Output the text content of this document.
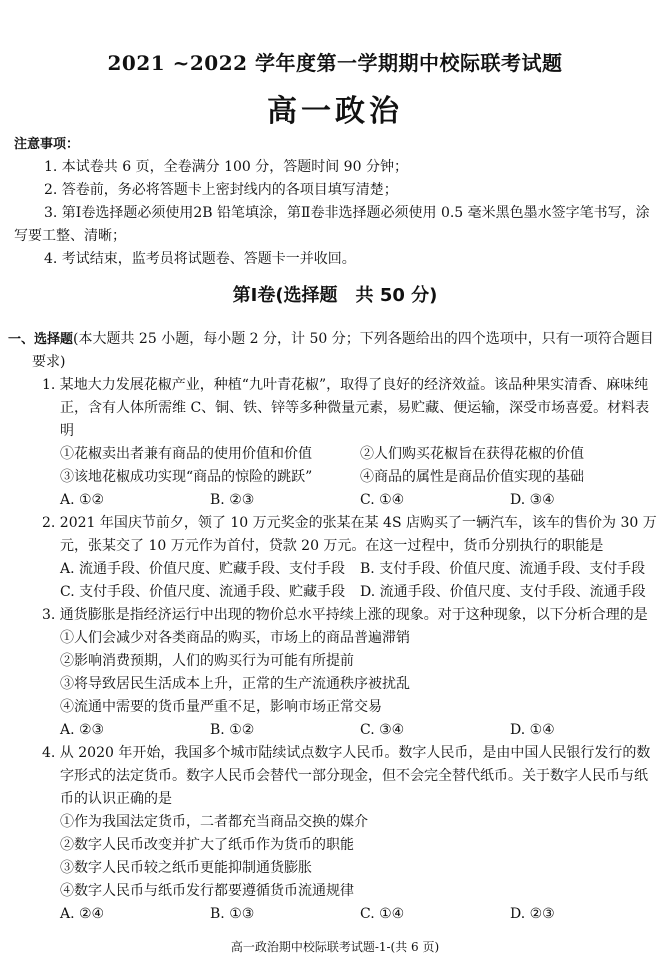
2021 ~2022 学年度第一学期期中校际联考试题
高一政治
注意事项：
1. 本试卷共 6 页，全卷满分 100 分，答题时间 90 分钟；
2. 答卷前，务必将答题卡上密封线内的各项目填写清楚；
3. 第Ⅰ卷选择题必须使用2B 铅笔填涂，第Ⅱ卷非选择题必须使用 0.5 毫米黑色墨水签字笔书写，涂写要工整、清晰；
4. 考试结束，监考员将试题卷、答题卡一并收回。
第Ⅰ卷(选择题　共 50 分)
一、选择题(本大题共 25 小题，每小题 2 分，计 50 分；下列各题给出的四个选项中，只有一项符合题目要求)
1. 某地大力发展花椒产业，种植“九叶青花椒”，取得了良好的经济效益。该品种果实清香、麻味纯正，含有人体所需维 C、铜、铁、锌等多种微量元素，易贮藏、便运输，深受市场喜爱。材料表明
①花椒卖出者兼有商品的使用价值和价值	②人们购买花椒旨在获得花椒的价值
③该地花椒成功实现“商品的惊险的跳跃”	④商品的属性是商品价值实现的基础
A. ①②	B. ②③	C. ①④	D. ③④
2. 2021 年国庆节前夕，领了 10 万元奖金的张某在某 4S 店购买了一辆汽车，该车的售价为 30 万元，张某交了 10 万元作为首付，贷款 20 万元。在这一过程中，货币分别执行的职能是
A. 流通手段、价值尺度、贮藏手段、支付手段	B. 支付手段、价值尺度、流通手段、支付手段
C. 支付手段、价值尺度、流通手段、贮藏手段	D. 流通手段、价值尺度、支付手段、流通手段
3. 通货膨胀是指经济运行中出现的物价总水平持续上涨的现象。对于这种现象，以下分析合理的是
①人们会减少对各类商品的购买，市场上的商品普遍滞销
②影响消费预期，人们的购买行为可能有所提前
③将导致居民生活成本上升，正常的生产流通秩序被扰乱
④流通中需要的货币量严重不足，影响市场正常交易
A. ②③	B. ①②	C. ③④	D. ①④
4. 从 2020 年开始，我国多个城市陆续试点数字人民币。数字人民币，是由中国人民银行发行的数字形式的法定货币。数字人民币会替代一部分现金，但不会完全替代纸币。关于数字人民币与纸币的认识正确的是
①作为我国法定货币，二者都充当商品交换的媒介
②数字人民币改变并扩大了纸币作为货币的职能
③数字人民币较之纸币更能抑制通货膨胀
④数字人民币与纸币发行都要遵循货币流通规律
A. ②④	B. ①③	C. ①④	D. ②③
高一政治期中校际联考试题-1-(共 6 页)
